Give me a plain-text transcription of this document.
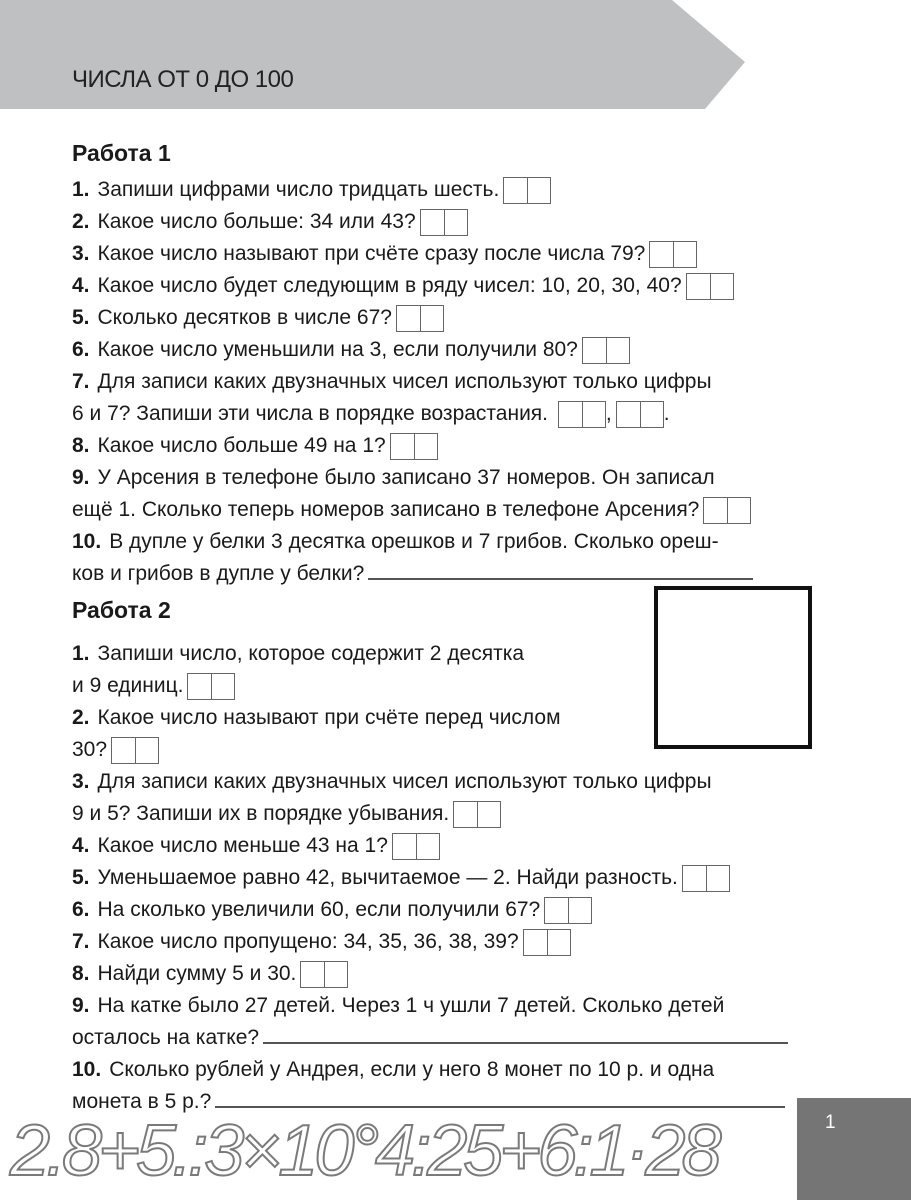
ЧИСЛА ОТ 0 ДО 100
Работа 1
1. Запиши цифрами число тридцать шесть.
2. Какое число больше: 34 или 43?
3. Какое число называют при счёте сразу после числа 79?
4. Какое число будет следующим в ряду чисел: 10, 20, 30, 40?
5. Сколько десятков в числе 67?
6. Какое число уменьшили на 3, если получили 80?
7. Для записи каких двузначных чисел используют только цифры
6 и 7? Запиши эти числа в порядке возрастания.	, .
8. Какое число больше 49 на 1?
9. У Арсения в телефоне было записано 37 номеров. Он записал
ещё 1. Сколько теперь номеров записано в телефоне Арсения?
10. В дупле у белки 3 десятка орешков и 7 грибов. Сколько ореш-
ков и грибов в дупле у белки?
Работа 2
1. Запиши число, которое содержит 2 десятка
и 9 единиц.
2. Какое число называют при счёте перед числом
30?
3. Для записи каких двузначных чисел используют только цифры
9 и 5? Запиши их в порядке убывания.
4. Какое число меньше 43 на 1?
5. Уменьшаемое равно 42, вычитаемое — 2. Найди разность.
6. На сколько увеличили 60, если получили 67?
7. Какое число пропущено: 34, 35, 36, 38, 39?
8. Найди сумму 5 и 30.
9. На катке было 27 детей. Через 1 ч ушли 7 детей. Сколько детей
осталось на катке?
10. Сколько рублей у Андрея, если у него 8 монет по 10 р. и одна
монета в 5 р.?
2.8+5.:3×10°4:25+6:1·28	1
